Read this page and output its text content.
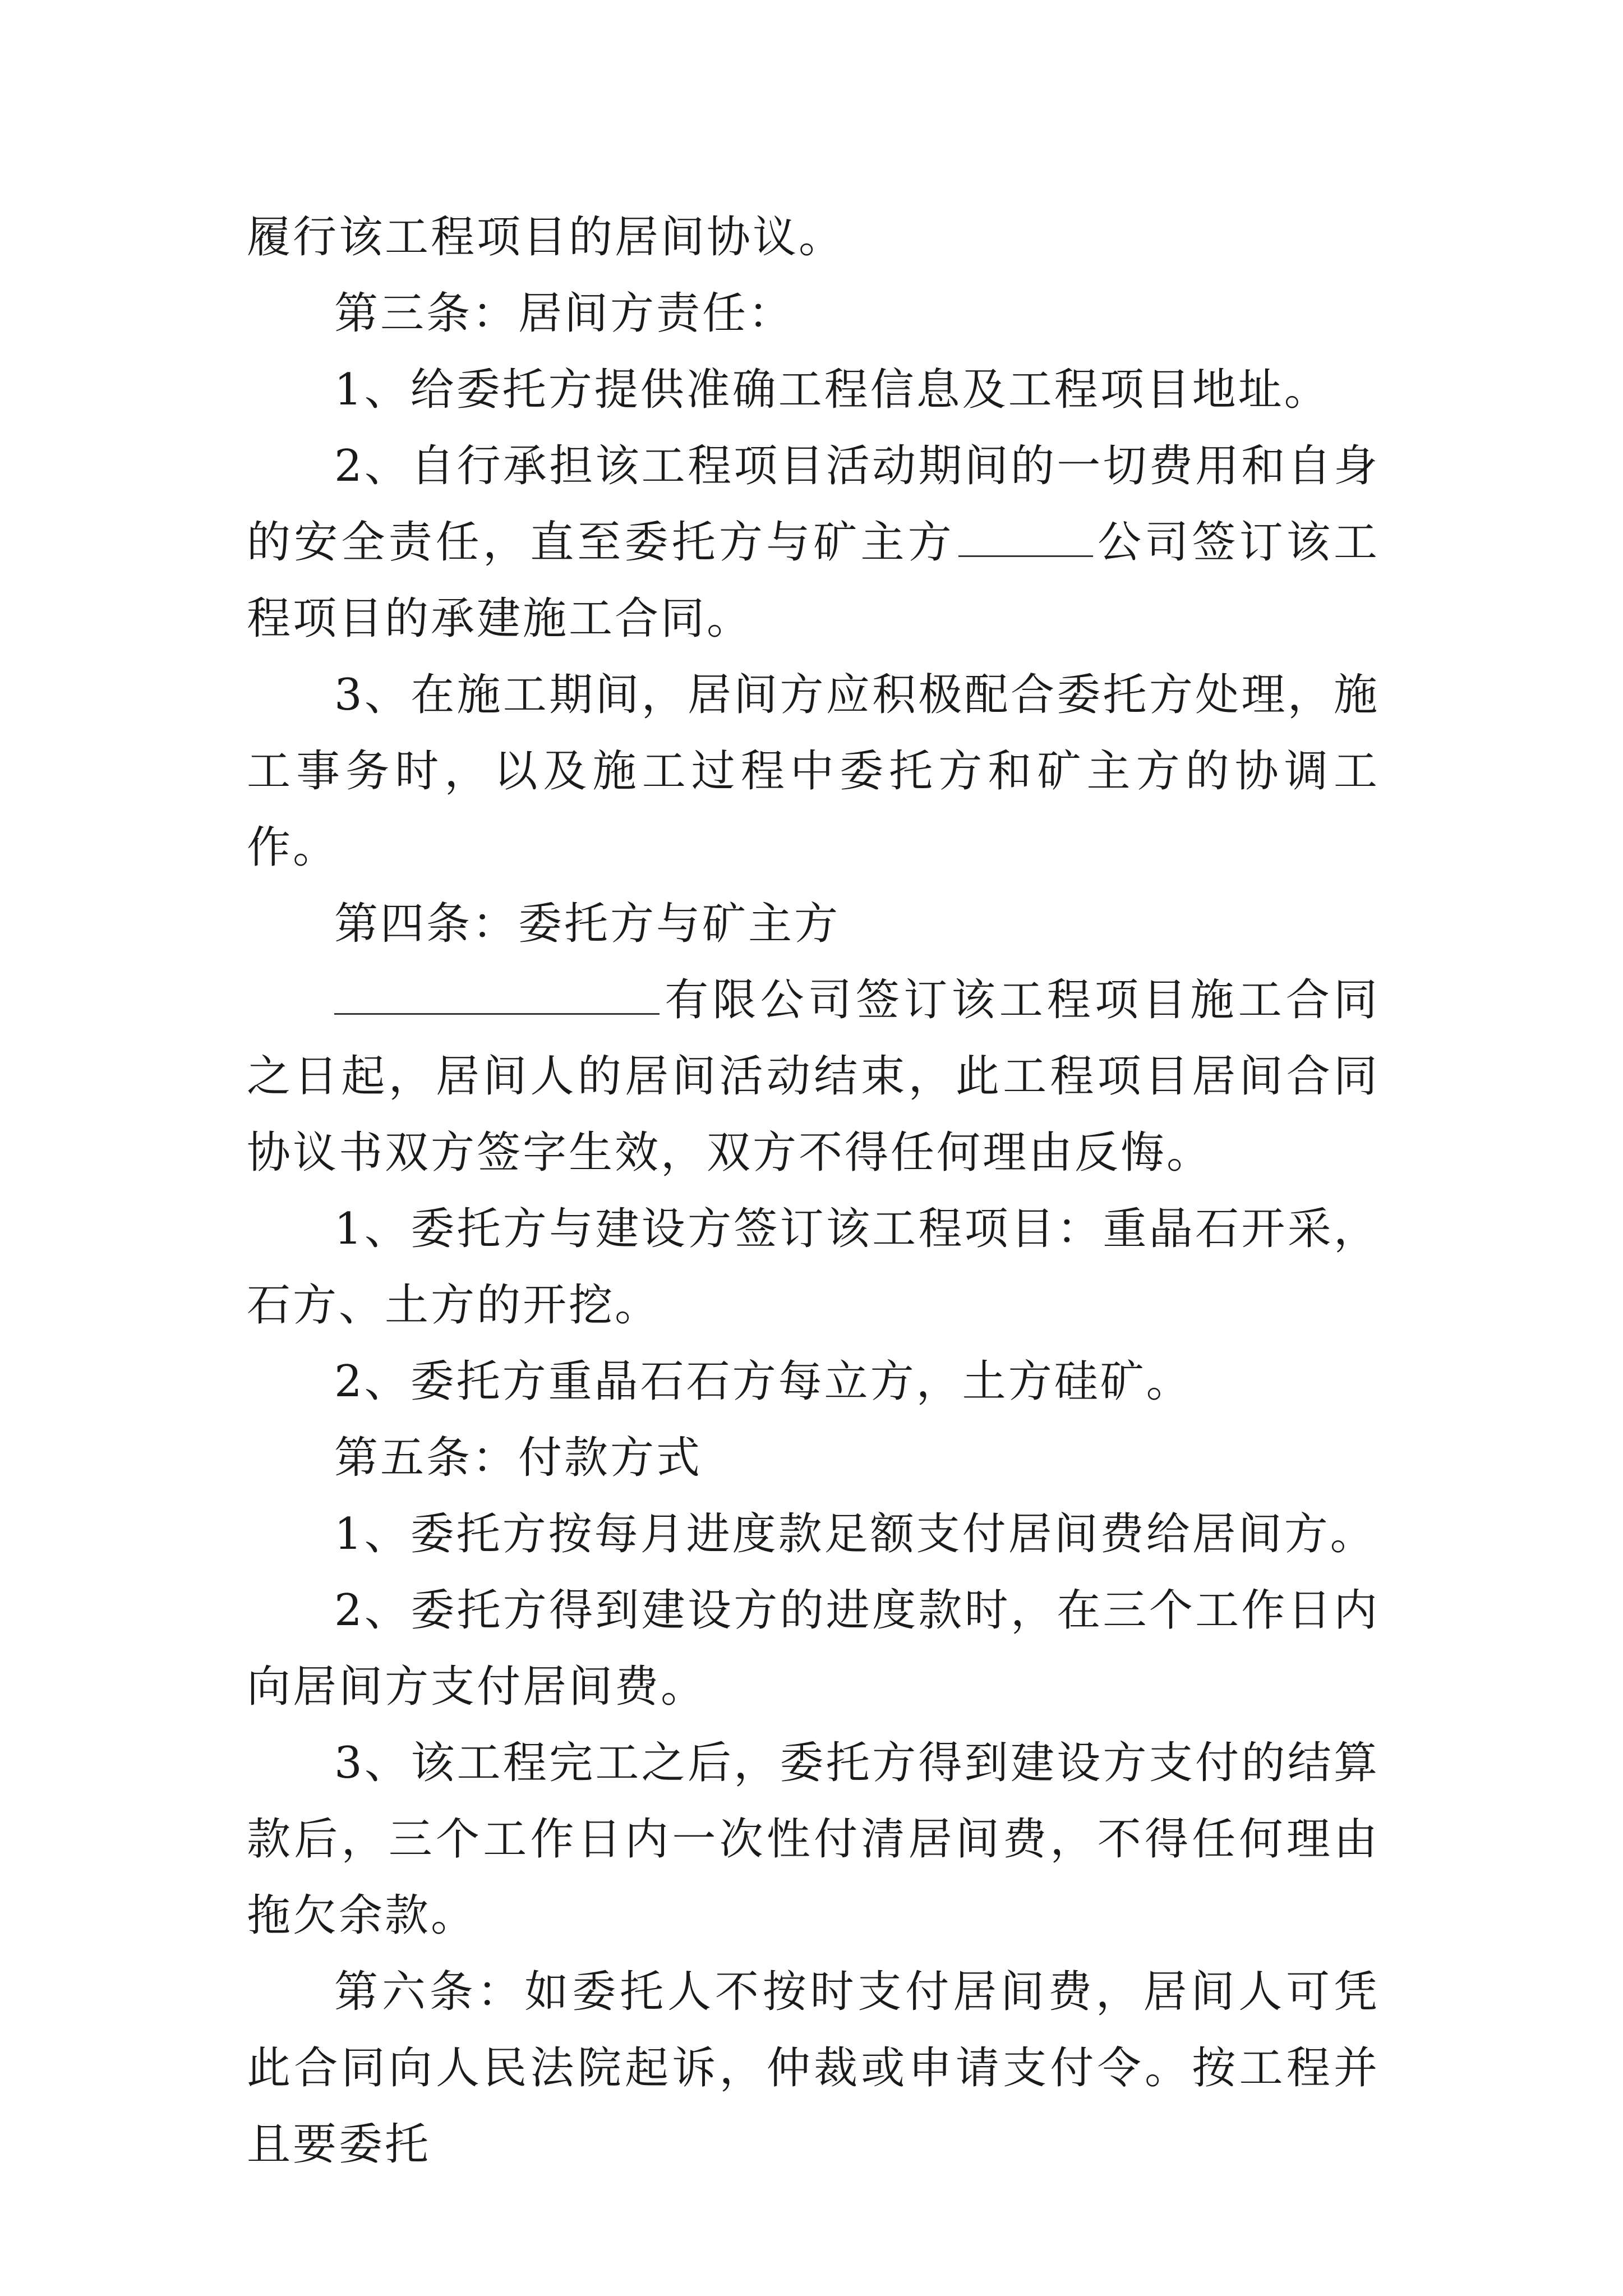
履行该工程项目的居间协议。

第三条：居间方责任：

1、给委托方提供准确工程信息及工程项目地址。

2、自行承担该工程项目活动期间的一切费用和自身的安全责任，直至委托方与矿主方	公司签订该工程项目的承建施工合同。

3、在施工期间，居间方应积极配合委托方处理，施工事务时，以及施工过程中委托方和矿主方的协调工作。

第四条：委托方与矿主方

有限公司签订该工程项目施工合同之日起，居间人的居间活动结束，此工程项目居间合同协议书双方签字生效，双方不得任何理由反悔。

1、委托方与建设方签订该工程项目：重晶石开采，石方、土方的开挖。

2、委托方重晶石石方每立方，土方硅矿。

第五条：付款方式

1、委托方按每月进度款足额支付居间费给居间方。

2、委托方得到建设方的进度款时，在三个工作日内向居间方支付居间费。

3、该工程完工之后，委托方得到建设方支付的结算款后，三个工作日内一次性付清居间费，不得任何理由拖欠余款。

第六条：如委托人不按时支付居间费，居间人可凭此合同向人民法院起诉，仲裁或申请支付令。按工程并且要委托
